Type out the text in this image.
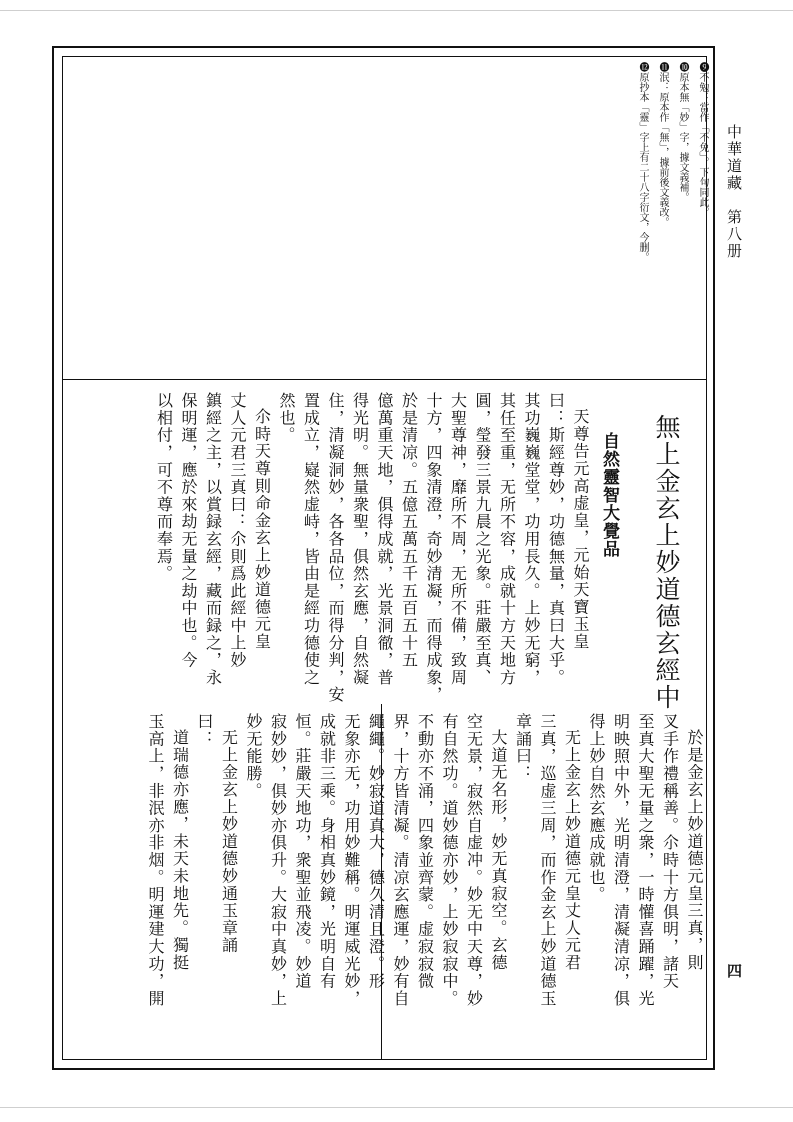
中華道藏　第八册
四
❾不勉：當作「不免」。下句同此。
❿原本無「妙」字，據文義補。
⓫泯：原本作「無」，據前後文義改。
⓬原抄本「靈」字上有二十八字衍文，今删。
無上金玄上妙道德玄經中
自然靈智大覺品
天尊告元高虚皇，元始天寶玉皇
曰：斯經尊妙，功德無量，真曰大乎。
其功巍巍堂堂，功用長久。上妙无窮，
其任至重，无所不容，成就十方天地方
圓，瑩發三景九晨之光象。莊嚴至真、
大聖尊神，靡所不周，无所不備，致周
十方，四象清澄，奇妙清凝，而得成象，
於是清凉。五億五萬五千五百五十五
億萬重天地，俱得成就，光景洞徹，普
得光明。無量衆聖，俱然玄應，自然凝
住，清凝洞妙，各各品位，而得分判，安
置成立，嶷然虚峙，皆由是經功德使之
然也。
尒時天尊則命金玄上妙道德元皇
丈人元君三真曰：尒則爲此經中上妙
鎮經之主，以賞録玄經，藏而録之，永
保明運，應於來劫无量之劫中也。今
以相付，可不尊而奉焉。
於是金玄上妙道德元皇三真，則
叉手作禮稱善。尒時十方俱明，諸天
至真大聖无量之衆，一時懽喜踊躍，光
明映照中外，光明清澄，清凝清凉，俱
得上妙自然玄應成就也。
无上金玄上妙道德元皇丈人元君
三真，巡虚三周，而作金玄上妙道德玉
章誦曰：
大道无名形，妙无真寂空。玄德
空无景，寂然自虚冲。妙无中天尊，妙
有自然功。道妙德亦妙，上妙寂寂中。
不動亦不涌，四象並齊蒙。虚寂寂微
界，十方皆清凝。清凉玄應運，妙有自
繩繩。妙寂道真大，德久清且澄。形
无象亦无，功用妙難稱。明運威光妙，
成就非三乘。身相真妙鏡，光明自有
恒。莊嚴天地功，衆聖並飛凌。妙道
寂妙妙，俱妙亦俱升。大寂中真妙，上
妙无能勝。
无上金玄上妙道德妙通玉章誦
曰：
道瑞德亦應，未天未地先。獨挺
玉高上，非泯亦非烟。明運建大功，開
